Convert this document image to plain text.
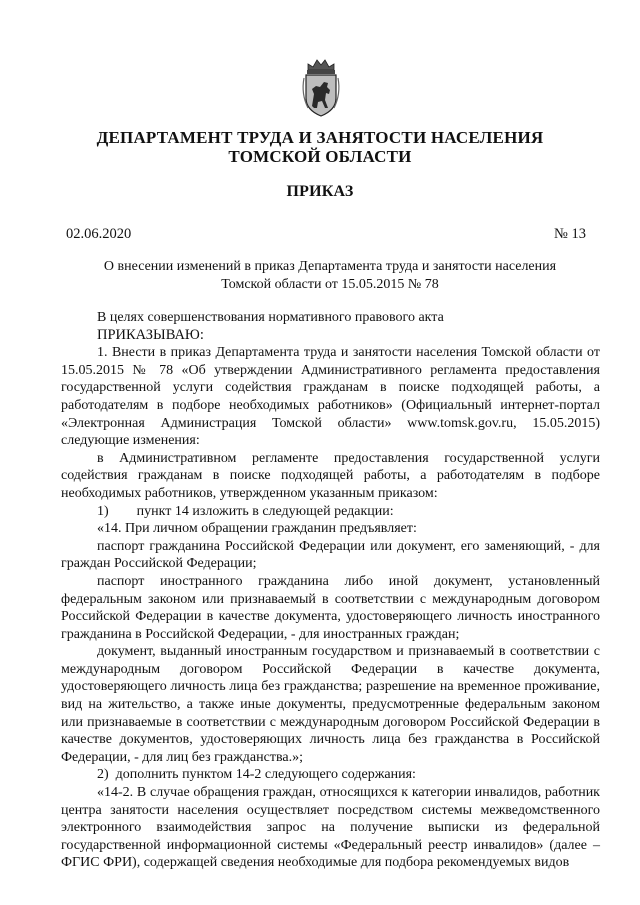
ДЕПАРТАМЕНТ ТРУДА И ЗАНЯТОСТИ НАСЕЛЕНИЯ
ТОМСКОЙ ОБЛАСТИ
ПРИКАЗ
02.06.2020	№ 13
О внесении изменений в приказ Департамента труда и занятости населения Томской области от 15.05.2015 № 78

В целях совершенствования нормативного правового акта

ПРИКАЗЫВАЮ:

1. Внести в приказ Департамента труда и занятости населения Томской области от 15.05.2015 № 78 «Об утверждении Административного регламента предоставления государственной услуги содействия гражданам в поиске подходящей работы, а работодателям в подборе необходимых работников» (Официальный интернет-портал «Электронная Администрация Томской области» www.tomsk.gov.ru, 15.05.2015) следующие изменения:

в Административном регламенте предоставления государственной услуги содействия гражданам в поиске подходящей работы, а работодателям в подборе необходимых работников, утвержденном указанным приказом:

1)        пункт 14 изложить в следующей редакции:

«14. При личном обращении гражданин предъявляет:

паспорт гражданина Российской Федерации или документ, его заменяющий, - для граждан Российской Федерации;

паспорт иностранного гражданина либо иной документ, установленный федеральным законом или признаваемый в соответствии с международным договором Российской Федерации в качестве документа, удостоверяющего личность иностранного гражданина в Российской Федерации, - для иностранных граждан;

документ, выданный иностранным государством и признаваемый в соответствии с международным договором Российской Федерации в качестве документа, удостоверяющего личность лица без гражданства; разрешение на временное проживание, вид на жительство, а также иные документы, предусмотренные федеральным законом или признаваемые в соответствии с международным договором Российской Федерации в качестве документов, удостоверяющих личность лица без гражданства в Российской Федерации, - для лиц без гражданства.»;

2)  дополнить пунктом 14-2 следующего содержания:

«14-2. В случае обращения граждан, относящихся к категории инвалидов, работник центра занятости населения осуществляет посредством системы межведомственного электронного взаимодействия запрос на получение выписки из федеральной государственной информационной системы «Федеральный реестр инвалидов» (далее – ФГИС ФРИ), содержащей сведения необходимые для подбора рекомендуемых видов
